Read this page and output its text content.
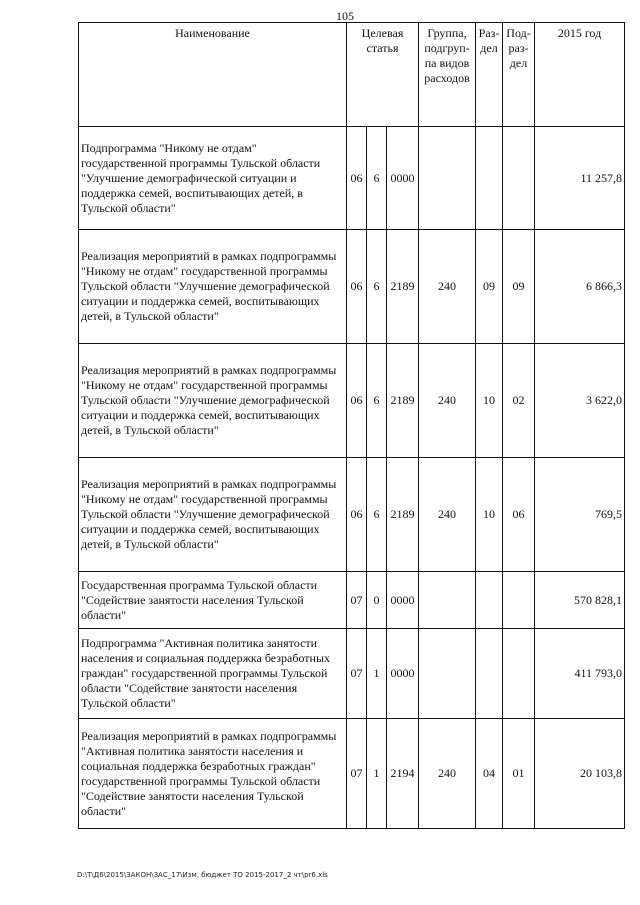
105
Наименование	Целевая статья			Группа, подгруп-па видов расходов	Раз-дел	Под-раз-дел	2015 год
Подпрограмма "Никому не отдам" государственной программы Тульской области "Улучшение демографической ситуации и поддержка семей, воспитывающих детей, в Тульской области"	06	6	0000				11 257,8
Реализация мероприятий в рамках подпрограммы "Никому не отдам" государственной программы Тульской области "Улучшение демографической ситуации и поддержка семей, воспитывающих детей, в Тульской области"	06	6	2189	240	09	09	6 866,3
Реализация мероприятий в рамках подпрограммы "Никому не отдам" государственной программы Тульской области "Улучшение демографической ситуации и поддержка семей, воспитывающих детей, в Тульской области"	06	6	2189	240	10	02	3 622,0
Реализация мероприятий в рамках подпрограммы "Никому не отдам" государственной программы Тульской области "Улучшение демографической ситуации и поддержка семей, воспитывающих детей, в Тульской области"	06	6	2189	240	10	06	769,5
Государственная программа Тульской области "Содействие занятости населения Тульской области"	07	0	0000				570 828,1
Подпрограмма "Активная политика занятости населения и социальная поддержка безработных граждан" государственной программы Тульской области "Содействие занятости населения Тульской области"	07	1	0000				411 793,0
Реализация мероприятий в рамках подпрограммы "Активная политика занятости населения и социальная поддержка безработных граждан" государственной программы Тульской области "Содействие занятости населения Тульской области"	07	1	2194	240	04	01	20 103,8
D:\Т\Д6\2015\ЗАКОН\ЗАС_17\Изм. бюджет ТО 2015-2017_2 чт\pr6.xls
